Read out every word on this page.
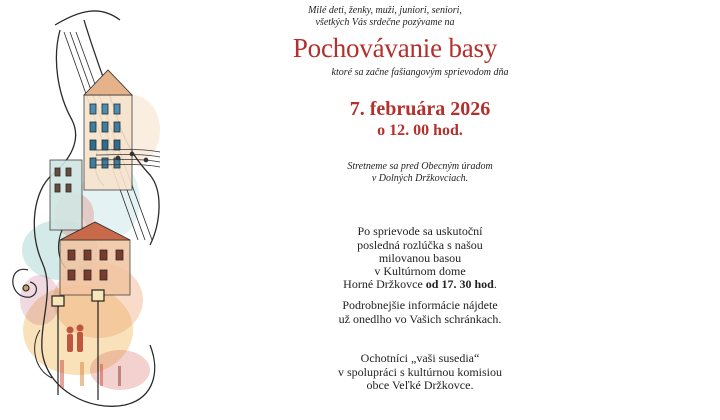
Milé deti, ženky, muži, juniori, seniori,
všetkých Vás srdečne pozývame na
Pochovávanie basy
ktoré sa začne fašiangovým sprievodom dňa
7. februára 2026
o 12. 00 hod.
Stretneme sa pred Obecným úradom
v Dolných Držkovciach.
Po sprievode sa uskutoční
posledná rozlúčka s našou
milovanou basou
v Kultúrnom dome
Horné Držkovce od 17. 30 hod.
Podrobnejšie informácie nájdete
už onedlho vo Vašich schránkach.
Ochotníci „vaši susedia“
v spolupráci s kultúrnou komisiou
obce Veľké Držkovce.
